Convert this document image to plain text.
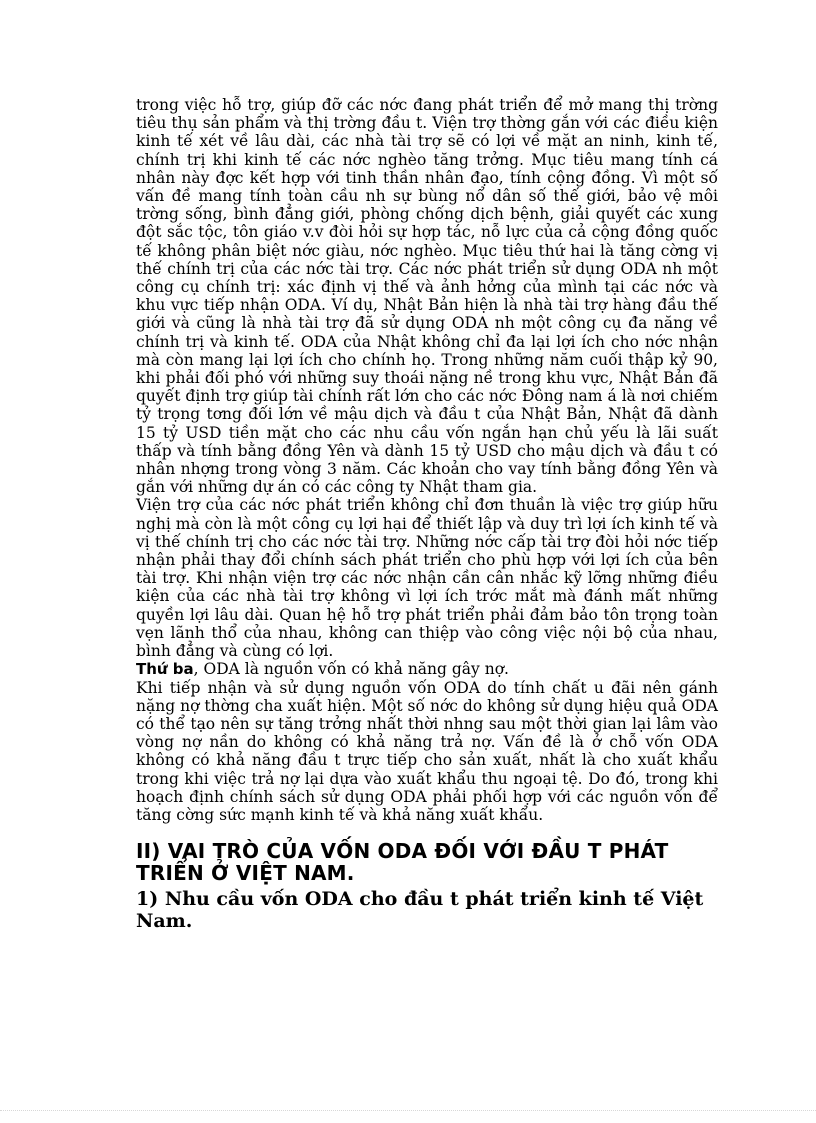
trong việc hỗ trợ, giúp đỡ các nớc đang phát triển để mở mang thị trờng tiêu thụ sản phẩm và thị trờng đầu t. Viện trợ thờng gắn với các điều kiện kinh tế xét về lâu dài, các nhà tài trợ sẽ có lợi về mặt an ninh, kinh tế, chính trị khi kinh tế các nớc nghèo tăng trởng. Mục tiêu mang tính cá nhân này đợc kết hợp với tinh thần nhân đạo, tính cộng đồng. Vì một số vấn đề mang tính toàn cầu nh sự bùng nổ dân số thế giới, bảo vệ môi trờng sống, bình đẳng giới, phòng chống dịch bệnh, giải quyết các xung đột sắc tộc, tôn giáo v.v đòi hỏi sự hợp tác, nỗ lực của cả cộng đồng quốc tế không phân biệt nớc giàu, nớc nghèo. Mục tiêu thứ hai là tăng cờng vị thế chính trị của các nớc tài trợ. Các nớc phát triển sử dụng ODA nh một công cụ chính trị: xác định vị thế và ảnh hởng của mình tại các nớc và khu vực tiếp nhận ODA. Ví dụ, Nhật Bản hiện là nhà tài trợ hàng đầu thế giới và cũng là nhà tài trợ đã sử dụng ODA nh một công cụ đa năng về chính trị và kinh tế. ODA của Nhật không chỉ đa lại lợi ích cho nớc nhận mà còn mang lại lợi ích cho chính họ. Trong những năm cuối thập kỷ 90, khi phải đối phó với những suy thoái nặng nề trong khu vực, Nhật Bản đã quyết định trợ giúp tài chính rất lớn cho các nớc Đông nam á là nơi chiếm tỷ trọng tơng đối lớn về mậu dịch và đầu t của Nhật Bản, Nhật đã dành 15 tỷ USD tiền mặt cho các nhu cầu vốn ngắn hạn chủ yếu là lãi suất thấp và tính bằng đồng Yên và dành 15 tỷ USD cho mậu dịch và đầu t có nhân nhợng trong vòng 3 năm. Các khoản cho vay tính bằng đồng Yên và gắn với những dự án có các công ty Nhật tham gia.

Viện trợ của các nớc phát triển không chỉ đơn thuần là việc trợ giúp hữu nghị mà còn là một công cụ lợi hại để thiết lập và duy trì lợi ích kinh tế và vị thế chính trị cho các nớc tài trợ. Những nớc cấp tài trợ đòi hỏi nớc tiếp nhận phải thay đổi chính sách phát triển cho phù hợp với lợi ích của bên tài trợ. Khi nhận viện trợ các nớc nhận cần cân nhắc kỹ lỡng những điều kiện của các nhà tài trợ không vì lợi ích trớc mắt mà đánh mất những quyền lợi lâu dài. Quan hệ hỗ trợ phát triển phải đảm bảo tôn trọng toàn vẹn lãnh thổ của nhau, không can thiệp vào công việc nội bộ của nhau, bình đẳng và cùng có lợi.

Thứ ba, ODA là nguồn vốn có khả năng gây nợ.

Khi tiếp nhận và sử dụng nguồn vốn ODA do tính chất u đãi nên gánh nặng nợ thờng cha xuất hiện. Một số nớc do không sử dụng hiệu quả ODA có thể tạo nên sự tăng trởng nhất thời nhng sau một thời gian lại lâm vào vòng nợ nần do không có khả năng trả nợ. Vấn đề là ở chỗ vốn ODA không có khả năng đầu t trực tiếp cho sản xuất, nhất là cho xuất khẩu trong khi việc trả nợ lại dựa vào xuất khẩu thu ngoại tệ. Do đó, trong khi hoạch định chính sách sử dụng ODA phải phối hợp với các nguồn vốn để tăng cờng sức mạnh kinh tế và khả năng xuất khẩu.

II) VAI TRÒ CỦA VỐN ODA ĐỐI VỚI ĐẦU T PHÁT TRIỂN Ở VIỆT NAM.
1) Nhu cầu vốn ODA cho đầu t phát triển kinh tế Việt Nam.
